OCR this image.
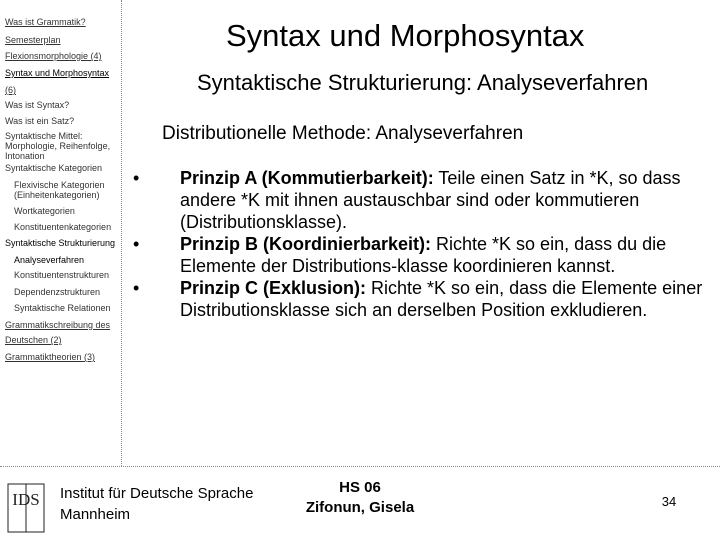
Was ist Grammatik?
Semesterplan
Flexionsmorphologie (4)
Syntax und Morphosyntax
(6)
Was ist Syntax?
Was ist ein Satz?
Syntaktische Mittel: Morphologie, Reihenfolge, Intonation
Syntaktische Kategorien
Flexivische Kategorien (Einheitenkategorien)
Wortkategorien
Konstituentenkategorien
Syntaktische Strukturierung
Analyseverfahren
Konstituentenstrukturen
Dependenzstrukturen
Syntaktische Relationen
Grammatikschreibung des
Deutschen (2)
Grammatiktheorien (3)
Syntax und Morphosyntax
Syntaktische Strukturierung: Analyseverfahren
Distributionelle Methode: Analyseverfahren
•	Prinzip A (Kommutierbarkeit): Teile einen Satz in *K, so dass andere *K mit ihnen austauschbar sind oder kommutieren (Distributionsklasse).
•	Prinzip B (Koordinierbarkeit): Richte *K so ein, dass du die Elemente der Distributions-klasse koordinieren kannst.
•	Prinzip C (Exklusion): Richte *K so ein, dass die Elemente einer Distributionsklasse sich an derselben Position exkludieren.
IDS Institut für Deutsche Sprache
Mannheim
HS 06
Zifonun, Gisela	34
